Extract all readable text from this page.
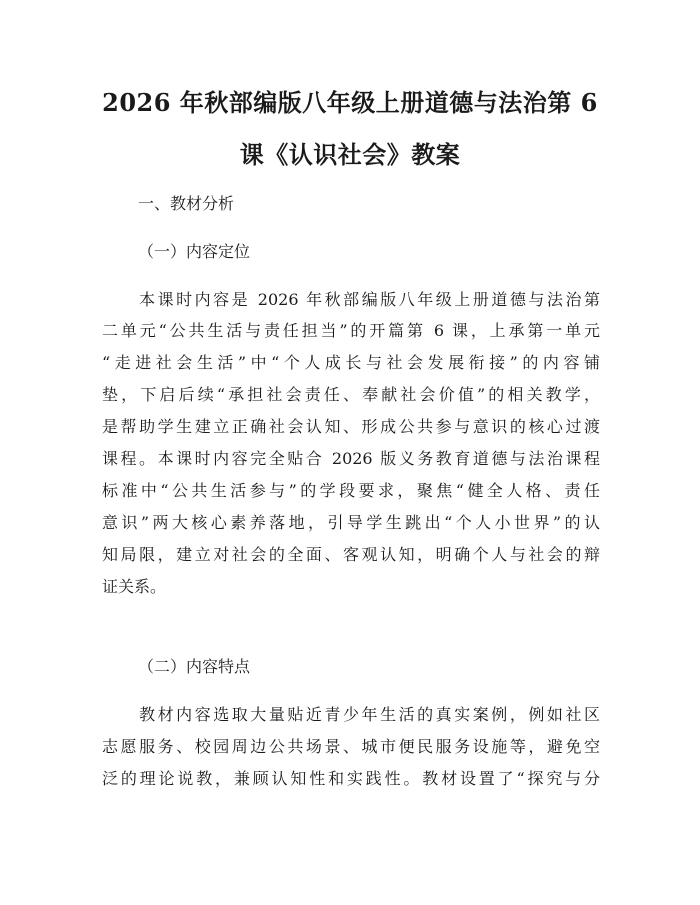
2026 年秋部编版八年级上册道德与法治第 6
课《认识社会》教案
一、教材分析
（一）内容定位
　　本课时内容是 2026 年秋部编版八年级上册道德与法治第
二单元“公共生活与责任担当”的开篇第 6 课，上承第一单元
“走进社会生活”中“个人成长与社会发展衔接”的内容铺
垫，下启后续“承担社会责任、奉献社会价值”的相关教学，
是帮助学生建立正确社会认知、形成公共参与意识的核心过渡
课程。本课时内容完全贴合 2026 版义务教育道德与法治课程
标准中“公共生活参与”的学段要求，聚焦“健全人格、责任
意识”两大核心素养落地，引导学生跳出“个人小世界”的认
知局限，建立对社会的全面、客观认知，明确个人与社会的辩
证关系。
（二）内容特点
　　教材内容选取大量贴近青少年生活的真实案例，例如社区
志愿服务、校园周边公共场景、城市便民服务设施等，避免空
泛的理论说教，兼顾认知性和实践性。教材设置了“探究与分
